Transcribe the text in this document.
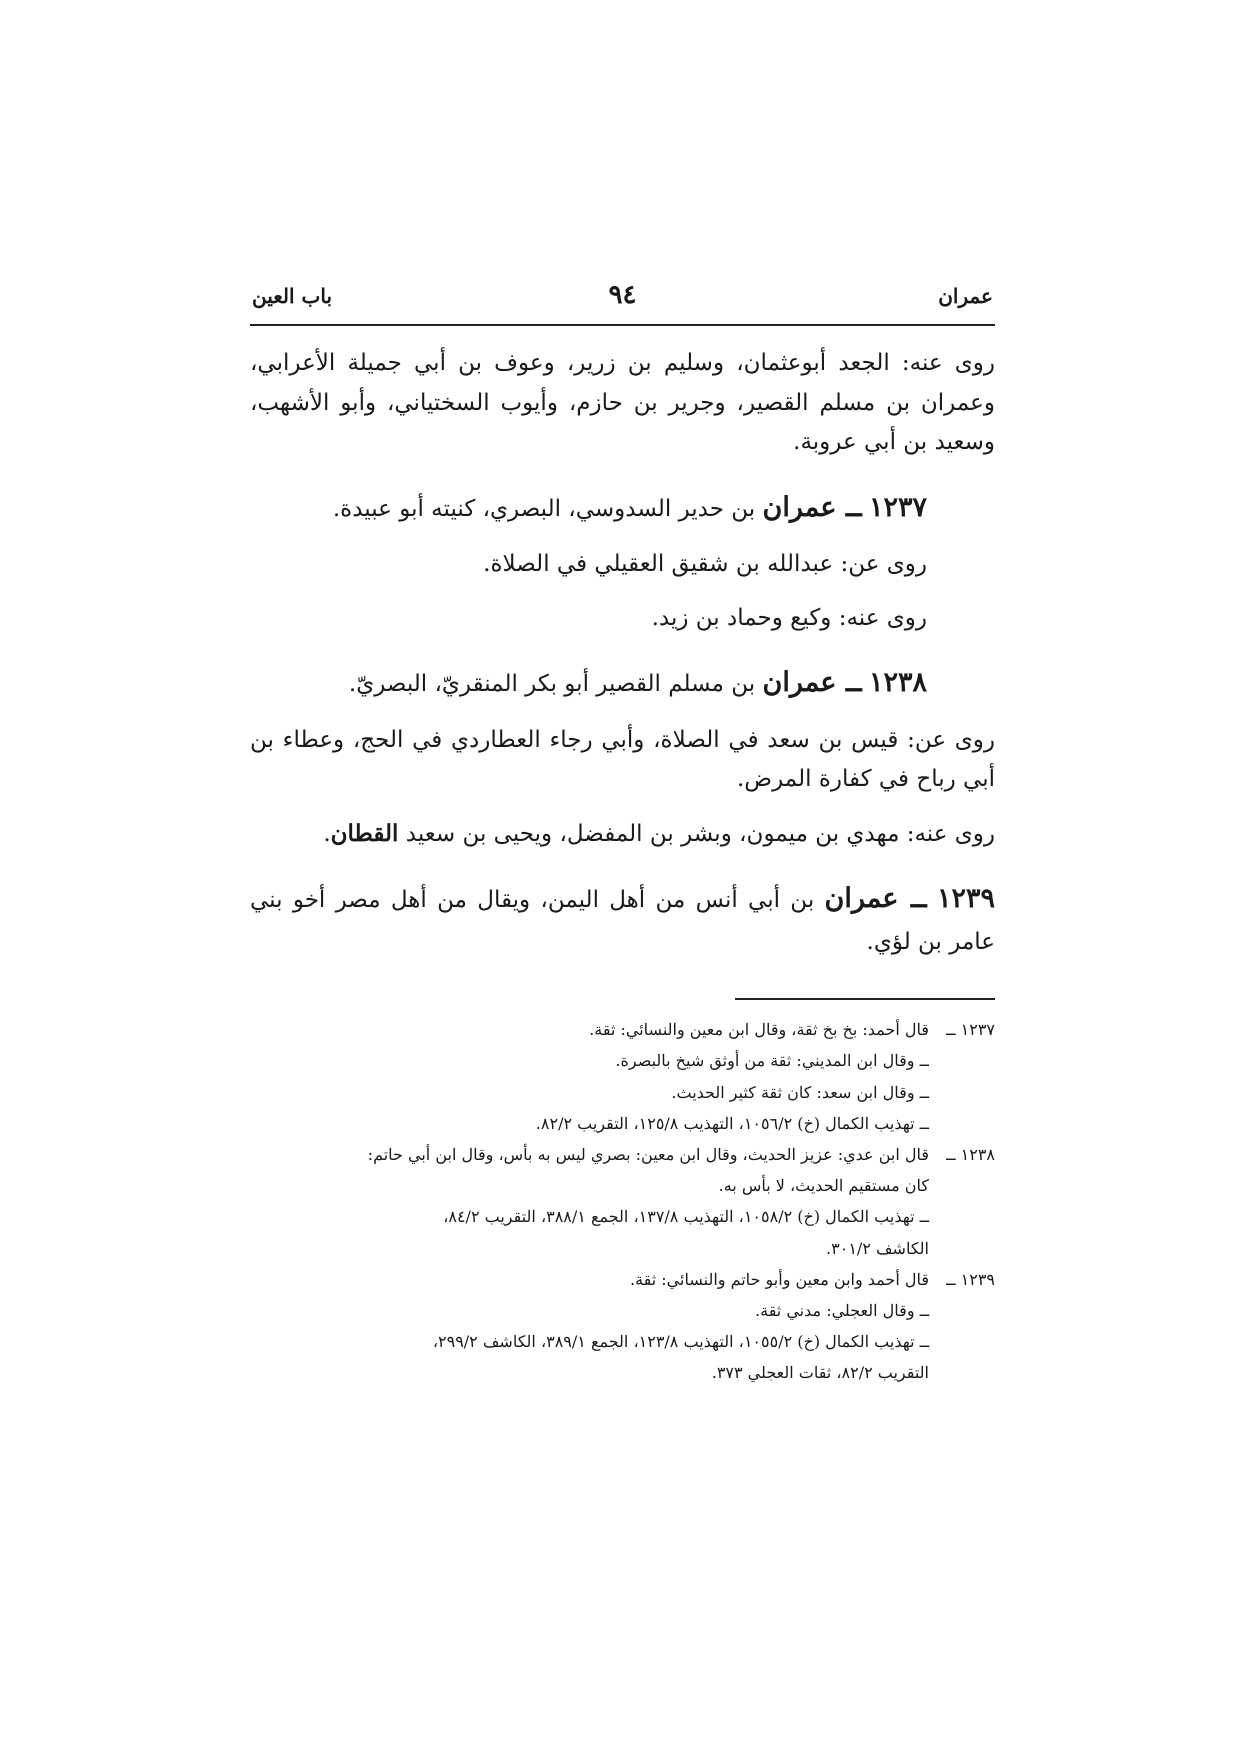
عمران
٩٤
باب العين

روى عنه: الجعد أبوعثمان، وسليم بن زرير، وعوف بن أبي جميلة الأعرابي، وعمران بن مسلم القصير، وجرير بن حازم، وأيوب السختياني، وأبو الأشهب، وسعيد بن أبي عروبة.

١٢٣٧ ــ عمران بن حدير السدوسي، البصري، كنيته أبو عبيدة.

روى عن: عبدالله بن شقيق العقيلي في الصلاة.

روى عنه: وكيع وحماد بن زيد.

١٢٣٨ ــ عمران بن مسلم القصير أبو بكر المنقريّ، البصريّ.

روى عن: قيس بن سعد في الصلاة، وأبي رجاء العطاردي في الحج، وعطاء بن أبي رباح في كفارة المرض.

روى عنه: مهدي بن ميمون، وبشر بن المفضل، ويحيى بن سعيد القطان.

١٢٣٩ ــ عمران بن أبي أنس من أهل اليمن، ويقال من أهل مصر أخو بني عامر بن لؤي.

١٢٣٧ ــ

قال أحمد: بخ بخ ثقة، وقال ابن معين والنسائي: ثقة.

ــ وقال ابن المديني: ثقة من أوثق شيخ بالبصرة.

ــ وقال ابن سعد: كان ثقة كثير الحديث.

ــ تهذيب الكمال (خ) ١٠٥٦/٢، التهذيب ١٢٥/٨، التقريب ٨٢/٢.

١٢٣٨ ــ

قال ابن عدي: عزيز الحديث، وقال ابن معين: بصري ليس به بأس، وقال ابن أبي حاتم:

كان مستقيم الحديث، لا بأس به.

ــ تهذيب الكمال (خ) ١٠٥٨/٢، التهذيب ١٣٧/٨، الجمع ٣٨٨/١، التقريب ٨٤/٢،

الكاشف ٣٠١/٢.

١٢٣٩ ــ

قال أحمد وابن معين وأبو حاتم والنسائي: ثقة.

ــ وقال العجلي: مدني ثقة.

ــ تهذيب الكمال (خ) ١٠٥٥/٢، التهذيب ١٢٣/٨، الجمع ٣٨٩/١، الكاشف ٢٩٩/٢،

التقريب ٨٢/٢، ثقات العجلي ٣٧٣.
